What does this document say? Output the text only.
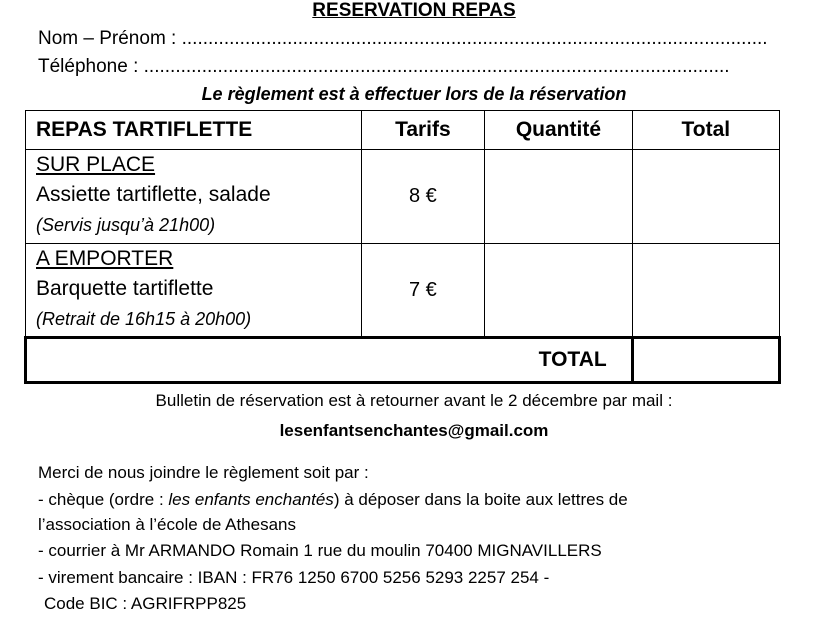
RESERVATION REPAS
Nom – Prénom : ...............................................................................................................
Téléphone : ...............................................................................................................
Le règlement est à effectuer lors de la réservation
REPAS TARTIFLETTE	Tarifs	Quantité	Total

SUR PLACE
Assiette tartiflette, salade
(Servis jusqu’à 21h00)	8 €		

A EMPORTER
Barquette tartiflette
(Retrait de 16h15 à 20h00)	7 €		
TOTAL			
Bulletin de réservation est à retourner avant le 2 décembre par mail :
lesenfantsenchantes@gmail.com
Merci de nous joindre le règlement soit par :
- chèque (ordre : les enfants enchantés) à déposer dans la boite aux lettres de
l’association à l’école de Athesans
- courrier à Mr ARMANDO Romain 1 rue du moulin 70400 MIGNAVILLERS
- virement bancaire : IBAN : FR76 1250 6700 5256 5293 2257 254 -
Code BIC : AGRIFRPP825
